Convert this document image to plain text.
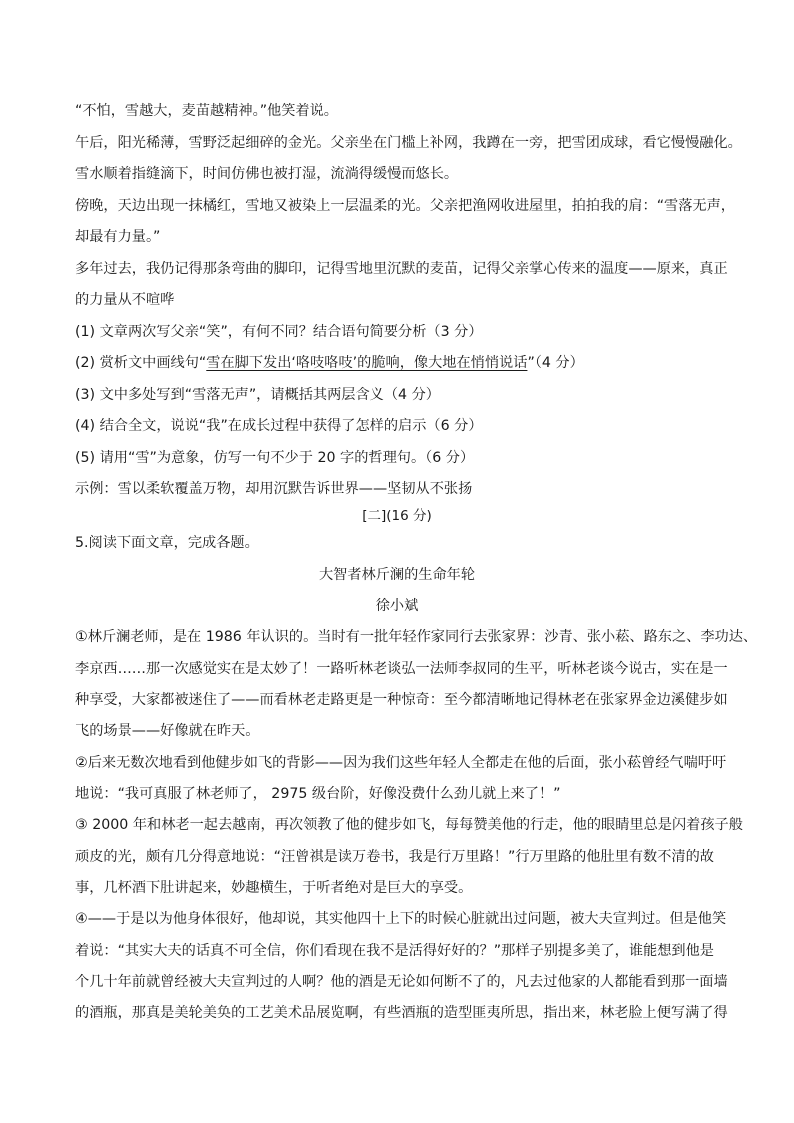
“不怕，雪越大，麦苗越精神。”他笑着说。
午后，阳光稀薄，雪野泛起细碎的金光。父亲坐在门槛上补网，我蹲在一旁，把雪团成球，看它慢慢融化。
雪水顺着指缝滴下，时间仿佛也被打湿，流淌得缓慢而悠长。
傍晚，天边出现一抹橘红，雪地又被染上一层温柔的光。父亲把渔网收进屋里，拍拍我的肩：“雪落无声，
却最有力量。”
多年过去，我仍记得那条弯曲的脚印，记得雪地里沉默的麦苗，记得父亲掌心传来的温度——原来，真正
的力量从不喧哗
(1) 文章两次写父亲“笑”，有何不同？结合语句简要分析（3 分）
(2) 赏析文中画线句“雪在脚下发出‘咯吱咯吱’的脆响，像大地在悄悄说话”（4 分）
(3) 文中多处写到“雪落无声”，请概括其两层含义（4 分）
(4) 结合全文，说说“我”在成长过程中获得了怎样的启示（6 分）
(5) 请用“雪”为意象，仿写一句不少于 20 字的哲理句。（6 分）
示例：雪以柔软覆盖万物，却用沉默告诉世界——坚韧从不张扬
[二](16 分)
5.阅读下面文章，完成各题。
大智者林斤澜的生命年轮
徐小斌
①林斤澜老师，是在 1986 年认识的。当时有一批年轻作家同行去张家界：沙青、张小菘、路东之、李功达、
李京西……那一次感觉实在是太妙了！一路听林老谈弘一法师李叔同的生平，听林老谈今说古，实在是一
种享受，大家都被迷住了——而看林老走路更是一种惊奇：至今都清晰地记得林老在张家界金边溪健步如
飞的场景——好像就在昨天。
②后来无数次地看到他健步如飞的背影——因为我们这些年轻人全都走在他的后面，张小菘曾经气喘吁吁
地说：“我可真服了林老师了， 2975 级台阶，好像没费什么劲儿就上来了！”
③ 2000 年和林老一起去越南，再次领教了他的健步如飞，每每赞美他的行走，他的眼睛里总是闪着孩子般
顽皮的光，颇有几分得意地说：“汪曾祺是读万卷书，我是行万里路！”行万里路的他肚里有数不清的故
事，几杯酒下肚讲起来，妙趣横生，于听者绝对是巨大的享受。
④——于是以为他身体很好，他却说，其实他四十上下的时候心脏就出过问题，被大夫宣判过。但是他笑
着说：“其实大夫的话真不可全信，你们看现在我不是活得好好的？”那样子别提多美了，谁能想到他是
个几十年前就曾经被大夫宣判过的人啊？他的酒是无论如何断不了的，凡去过他家的人都能看到那一面墙
的酒瓶，那真是美轮美奂的工艺美术品展览啊，有些酒瓶的造型匪夷所思，指出来，林老脸上便写满了得
